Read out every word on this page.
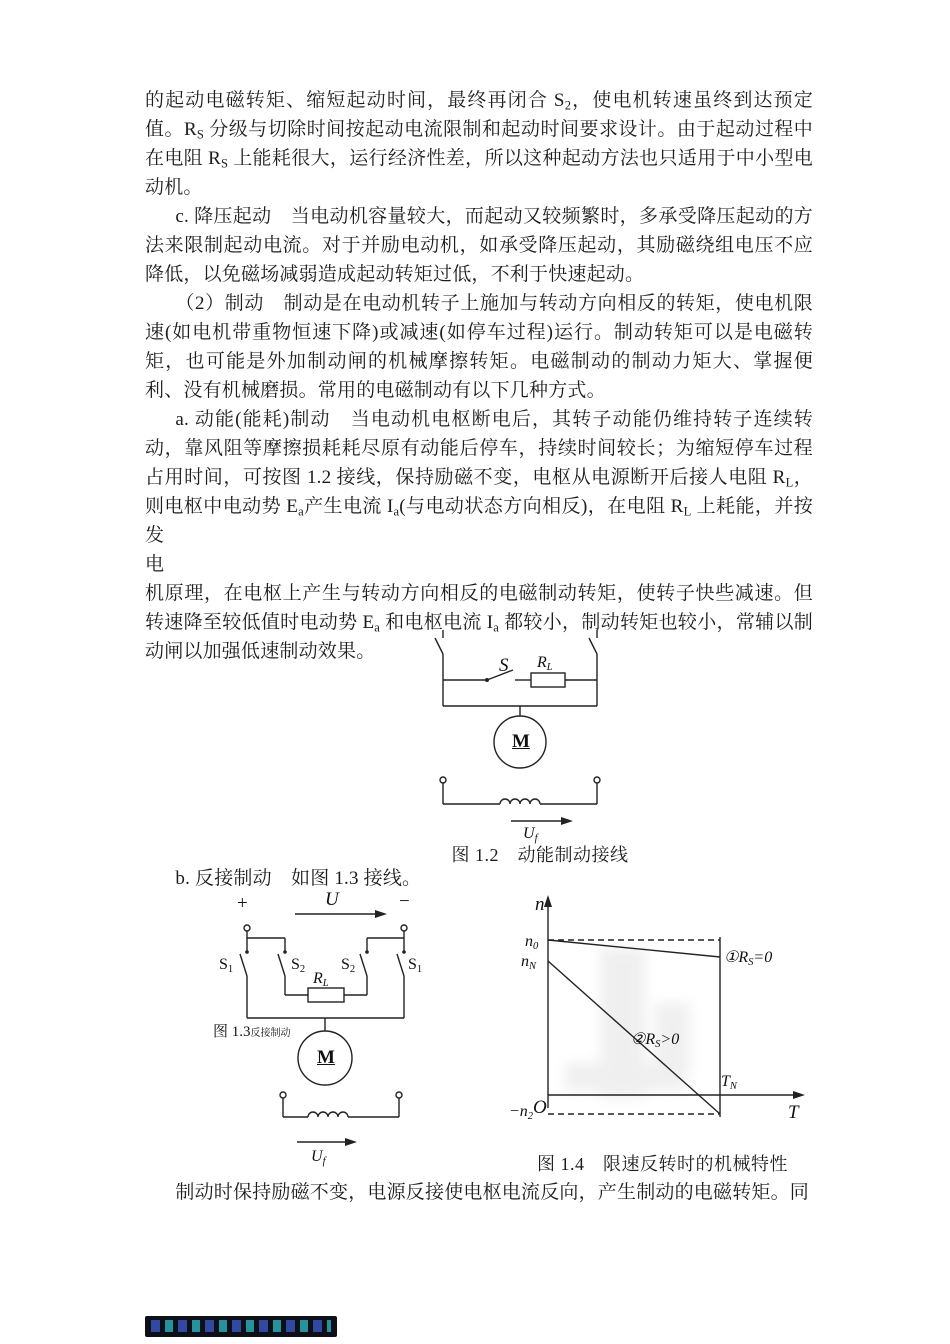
的起动电磁转矩、缩短起动时间，最终再闭合 $S_2$，使电机转速虽终到达预定值。$R_S$ 分级与切除时间按起动电流限制和起动时间要求设计。由于起动过程中在电阻 $R_S$ 上能耗很大，运行经济性差，所以这种起动方法也只适用于中小型电动机。

c. 降压起动　当电动机容量较大，而起动又较频繁时，多承受降压起动的方法来限制起动电流。对于并励电动机，如承受降压起动，其励磁绕组电压不应降低，以免磁场减弱造成起动转矩过低，不利于快速起动。

（2）制动　制动是在电动机转子上施加与转动方向相反的转矩，使电机限速(如电机带重物恒速下降)或减速(如停车过程)运行。制动转矩可以是电磁转矩，也可能是外加制动闸的机械摩擦转矩。电磁制动的制动力矩大、掌握便利、没有机械磨损。常用的电磁制动有以下几种方式。

a. 动能(能耗)制动　当电动机电枢断电后，其转子动能仍维持转子连续转动，靠风阻等摩擦损耗耗尽原有动能后停车，持续时间较长；为缩短停车过程占用时间，可按图 1.2 接线，保持励磁不变，电枢从电源断开后接人电阻 $R_L$，则电枢中电动势 $E_a$产生电流 $I_a$(与电动状态方向相反)，在电阻 $R_L$ 上耗能，并按发

电

机原理，在电枢上产生与转动方向相反的电磁制动转矩，使转子快些减速。但转速降至较低值时电动势 $E_a$ 和电枢电流 $I_a$ 都较小，制动转矩也较小，常辅以制动闸以加强低速制动效果。

S $R_L$
M
$U_f$
图 1.2　动能制动接线
b. 反接制动　如图 1.3 接线。
+	U	−
$S_1$	$S_2$ $S_2$	$S_1$
$R_L$
M
$U_f$
图 1.3反接制动
n
$n_0$
$n_N$
$①R_S=0$
$②R_S>0$
$T_N$
O
$-n_2$	T
图 1.4　限速反转时的机械特性
制动时保持励磁不变，电源反接使电枢电流反向，产生制动的电磁转矩。同
